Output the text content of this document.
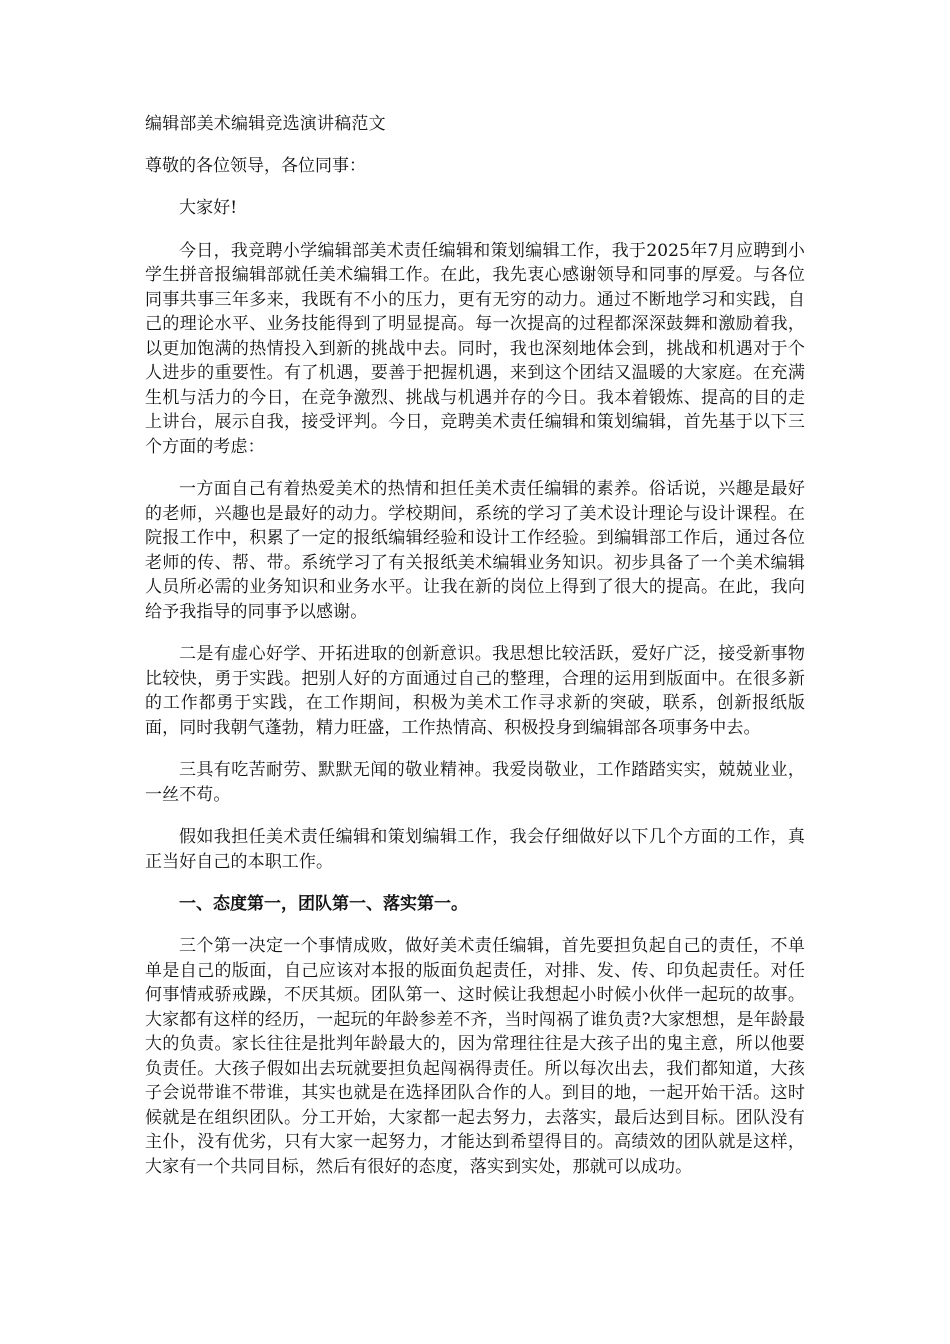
编辑部美术编辑竞选演讲稿范文
尊敬的各位领导，各位同事：

大家好!

今日，我竞聘小学编辑部美术责任编辑和策划编辑工作，我于2025年7月应聘到小学生拼音报编辑部就任美术编辑工作。在此，我先衷心感谢领导和同事的厚爱。与各位同事共事三年多来，我既有不小的压力，更有无穷的动力。通过不断地学习和实践，自己的理论水平、业务技能得到了明显提高。每一次提高的过程都深深鼓舞和激励着我，以更加饱满的热情投入到新的挑战中去。同时，我也深刻地体会到，挑战和机遇对于个人进步的重要性。有了机遇，要善于把握机遇，来到这个团结又温暖的大家庭。在充满生机与活力的今日，在竞争激烈、挑战与机遇并存的今日。我本着锻炼、提高的目的走上讲台，展示自我，接受评判。今日，竞聘美术责任编辑和策划编辑，首先基于以下三个方面的考虑：

一方面自己有着热爱美术的热情和担任美术责任编辑的素养。俗话说，兴趣是最好的老师，兴趣也是最好的动力。学校期间，系统的学习了美术设计理论与设计课程。在院报工作中，积累了一定的报纸编辑经验和设计工作经验。到编辑部工作后，通过各位老师的传、帮、带。系统学习了有关报纸美术编辑业务知识。初步具备了一个美术编辑人员所必需的业务知识和业务水平。让我在新的岗位上得到了很大的提高。在此，我向给予我指导的同事予以感谢。

二是有虚心好学、开拓进取的创新意识。我思想比较活跃，爱好广泛，接受新事物比较快，勇于实践。把别人好的方面通过自己的整理，合理的运用到版面中。在很多新的工作都勇于实践，在工作期间，积极为美术工作寻求新的突破，联系，创新报纸版面，同时我朝气蓬勃，精力旺盛，工作热情高、积极投身到编辑部各项事务中去。

三具有吃苦耐劳、默默无闻的敬业精神。我爱岗敬业，工作踏踏实实，兢兢业业，一丝不苟。

假如我担任美术责任编辑和策划编辑工作，我会仔细做好以下几个方面的工作，真正当好自己的本职工作。

一、态度第一，团队第一、落实第一。

三个第一决定一个事情成败，做好美术责任编辑，首先要担负起自己的责任，不单单是自己的版面，自己应该对本报的版面负起责任，对排、发、传、印负起责任。对任何事情戒骄戒躁，不厌其烦。团队第一、这时候让我想起小时候小伙伴一起玩的故事。大家都有这样的经历，一起玩的年龄参差不齐，当时闯祸了谁负责?大家想想，是年龄最大的负责。家长往往是批判年龄最大的，因为常理往往是大孩子出的鬼主意，所以他要负责任。大孩子假如出去玩就要担负起闯祸得责任。所以每次出去，我们都知道，大孩子会说带谁不带谁，其实也就是在选择团队合作的人。到目的地，一起开始干活。这时候就是在组织团队。分工开始，大家都一起去努力，去落实，最后达到目标。团队没有主仆，没有优劣，只有大家一起努力，才能达到希望得目的。高绩效的团队就是这样，大家有一个共同目标，然后有很好的态度，落实到实处，那就可以成功。
